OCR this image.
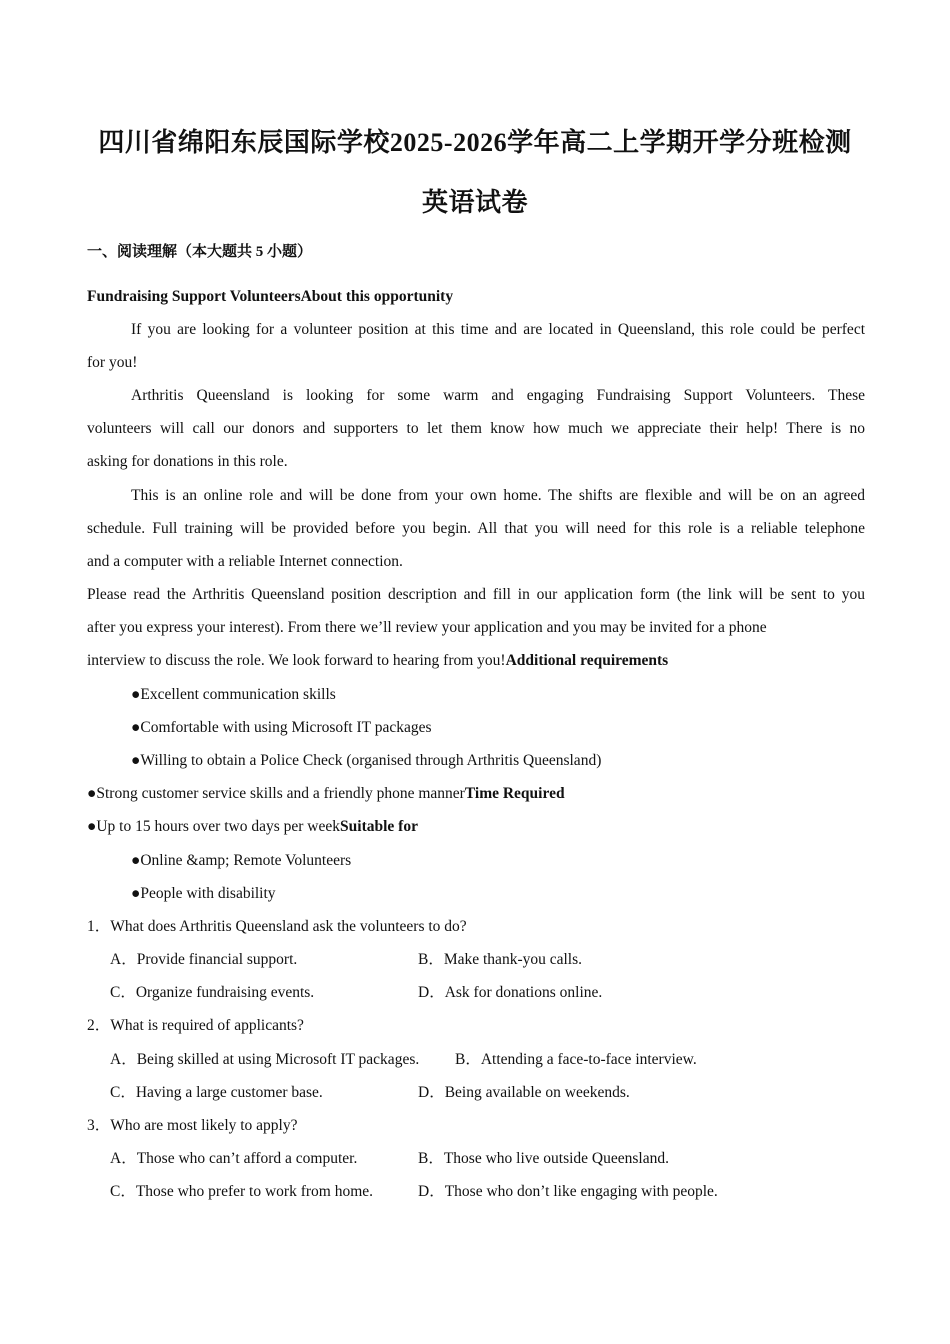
四川省绵阳东辰国际学校2025-2026学年高二上学期开学分班检测
英语试卷
一、阅读理解（本大题共 5 小题）
Fundraising Support VolunteersAbout this opportunity
If you are looking for a volunteer position at this time and are located in Queensland, this role could be perfect
for you!
Arthritis Queensland is looking for some warm and engaging Fundraising Support Volunteers. These
volunteers will call our donors and supporters to let them know how much we appreciate their help! There is no
asking for donations in this role.
This is an online role and will be done from your own home. The shifts are flexible and will be on an agreed
schedule. Full training will be provided before you begin. All that you will need for this role is a reliable telephone
and a computer with a reliable Internet connection.
Please read the Arthritis Queensland position description and fill in our application form (the link will be sent to you
after you express your interest). From there we’ll review your application and you may be invited for a phone
interview to discuss the role. We look forward to hearing from you!Additional requirements
●Excellent communication skills
●Comfortable with using Microsoft IT packages
●Willing to obtain a Police Check (organised through Arthritis Queensland)
●Strong customer service skills and a friendly phone mannerTime Required
●Up to 15 hours over two days per weekSuitable for
●Online &amp; Remote Volunteers
●People with disability
1．What does Arthritis Queensland ask the volunteers to do?
A．Provide financial support.	B．Make thank-you calls.
C．Organize fundraising events.	D．Ask for donations online.
2．What is required of applicants?
A．Being skilled at using Microsoft IT packages. B．Attending a face-to-face interview.
C．Having a large customer base.	D．Being available on weekends.
3．Who are most likely to apply?
A．Those who can’t afford a computer.	B．Those who live outside Queensland.
C．Those who prefer to work from home.	D．Those who don’t like engaging with people.
